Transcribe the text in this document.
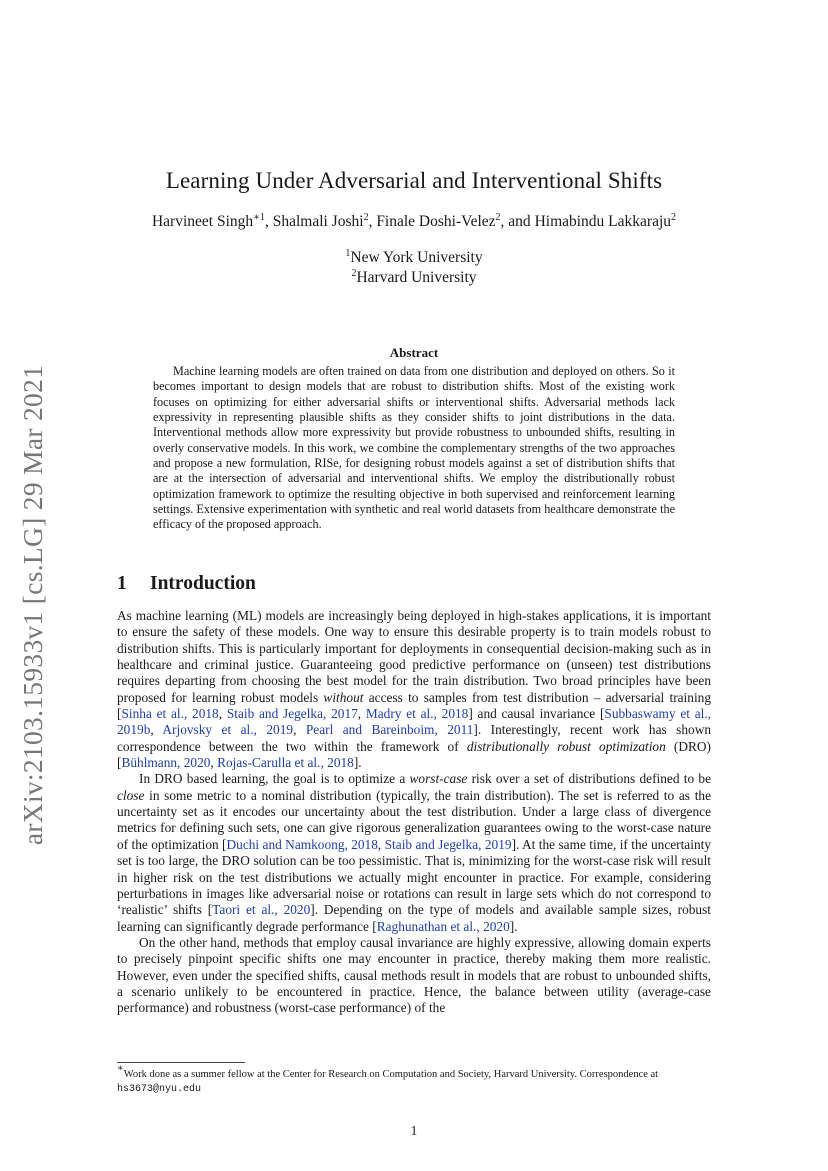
arXiv:2103.15933v1 [cs.LG] 29 Mar 2021
Learning Under Adversarial and Interventional Shifts
Harvineet Singh$^{∗1}$, Shalmali Joshi$^2$, Finale Doshi-Velez$^2$, and Himabindu Lakkaraju$^2$
$^1$New York University
$^2$Harvard University
Abstract
Machine learning models are often trained on data from one distribution and deployed on others. So it becomes important to design models that are robust to distribution shifts. Most of the existing work focuses on optimizing for either adversarial shifts or interventional shifts. Adversarial methods lack expressivity in representing plausible shifts as they consider shifts to joint distributions in the data. Interventional methods allow more expressivity but provide robustness to unbounded shifts, resulting in overly conservative models. In this work, we combine the complementary strengths of the two approaches and propose a new formulation, RISe, for designing robust models against a set of distribution shifts that are at the intersection of adversarial and interventional shifts. We employ the distributionally robust optimization framework to optimize the resulting objective in both supervised and reinforcement learning settings. Extensive experimentation with synthetic and real world datasets from healthcare demonstrate the efficacy of the proposed approach.
1 Introduction

As machine learning (ML) models are increasingly being deployed in high-stakes applications, it is important to ensure the safety of these models. One way to ensure this desirable property is to train models robust to distribution shifts. This is particularly important for deployments in consequential decision-making such as in healthcare and criminal justice. Guaranteeing good predictive performance on (unseen) test distributions requires departing from choosing the best model for the train distribution. Two broad principles have been proposed for learning robust models without access to samples from test distribution – adversarial training [Sinha et al., 2018, Staib and Jegelka, 2017, Madry et al., 2018] and causal invariance [Subbaswamy et al., 2019b, Arjovsky et al., 2019, Pearl and Bareinboim, 2011]. Interestingly, recent work has shown correspondence between the two within the framework of distributionally robust optimization (DRO) [Bühlmann, 2020, Rojas-Carulla et al., 2018].

In DRO based learning, the goal is to optimize a worst-case risk over a set of distributions defined to be close in some metric to a nominal distribution (typically, the train distribution). The set is referred to as the uncertainty set as it encodes our uncertainty about the test distribution. Under a large class of divergence metrics for defining such sets, one can give rigorous generalization guarantees owing to the worst-case nature of the optimization [Duchi and Namkoong, 2018, Staib and Jegelka, 2019]. At the same time, if the uncertainty set is too large, the DRO solution can be too pessimistic. That is, minimizing for the worst-case risk will result in higher risk on the test distributions we actually might encounter in practice. For example, considering perturbations in images like adversarial noise or rotations can result in large sets which do not correspond to ‘realistic’ shifts [Taori et al., 2020]. Depending on the type of models and available sample sizes, robust learning can significantly degrade performance [Raghunathan et al., 2020].

On the other hand, methods that employ causal invariance are highly expressive, allowing domain experts to precisely pinpoint specific shifts one may encounter in practice, thereby making them more realistic. However, even under the specified shifts, causal methods result in models that are robust to unbounded shifts, a scenario unlikely to be encountered in practice. Hence, the balance between utility (average-case performance) and robustness (worst-case performance) of the

∗Work done as a summer fellow at the Center for Research on Computation and Society, Harvard University. Correspondence at hs3673@nyu.edu
1
